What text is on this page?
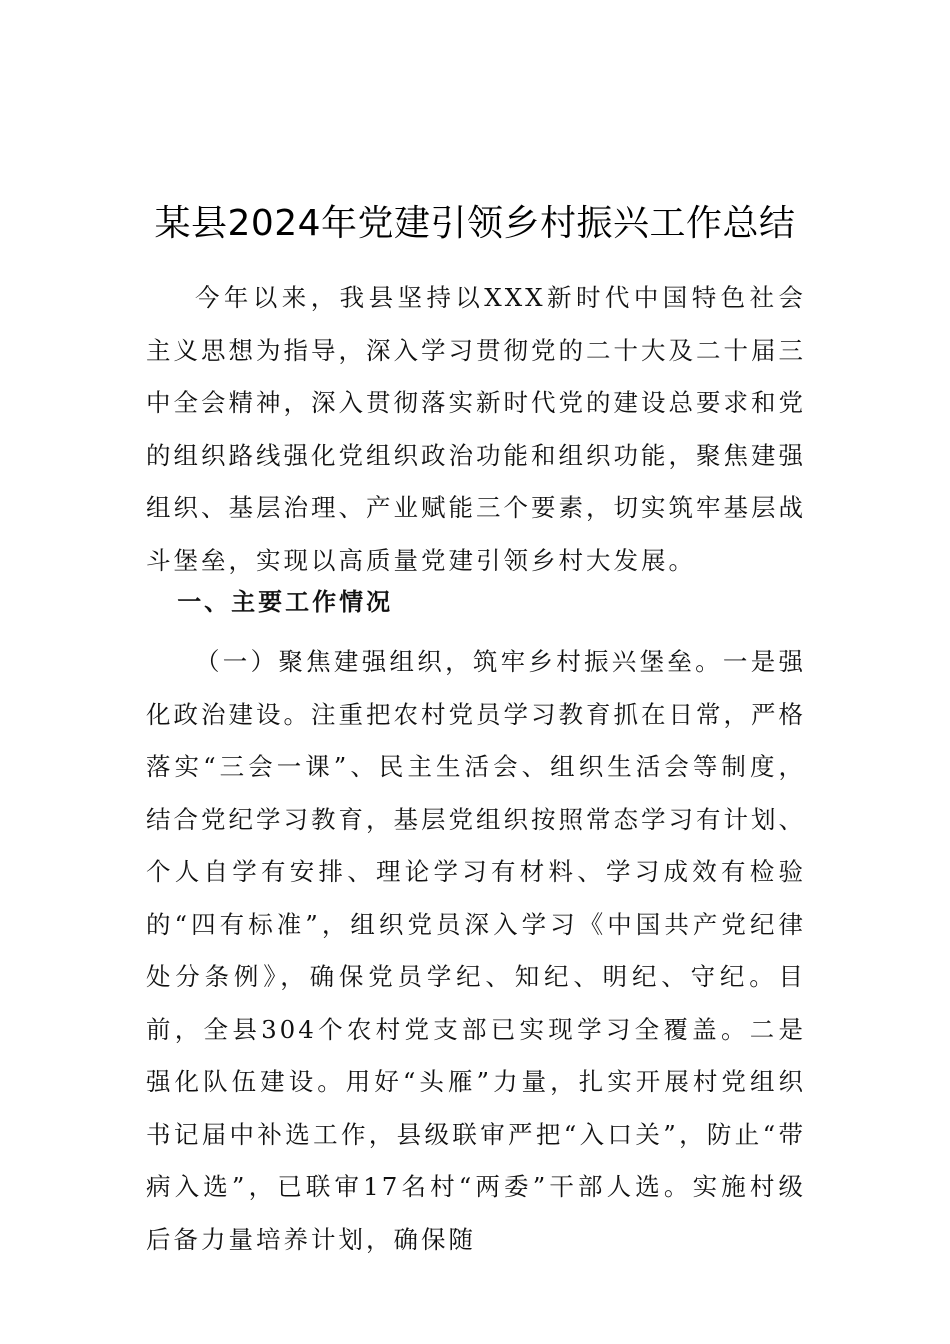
某县2024年党建引领乡村振兴工作总结

今年以来，我县坚持以XXX新时代中国特色社会主义思想为指导，深入学习贯彻党的二十大及二十届三中全会精神，深入贯彻落实新时代党的建设总要求和党的组织路线强化党组织政治功能和组织功能，聚焦建强组织、基层治理、产业赋能三个要素，切实筑牢基层战斗堡垒，实现以高质量党建引领乡村大发展。

一、主要工作情况

（一）聚焦建强组织，筑牢乡村振兴堡垒。一是强化政治建设。注重把农村党员学习教育抓在日常，严格落实“三会一课”、民主生活会、组织生活会等制度，结合党纪学习教育，基层党组织按照常态学习有计划、个人自学有安排、理论学习有材料、学习成效有检验的“四有标准”，组织党员深入学习《中国共产党纪律处分条例》，确保党员学纪、知纪、明纪、守纪。目前，全县304个农村党支部已实现学习全覆盖。二是强化队伍建设。用好“头雁”力量，扎实开展村党组织书记届中补选工作，县级联审严把“入口关”，防止“带病入选”，已联审17名村“两委”干部人选。实施村级后备力量培养计划，确保随
